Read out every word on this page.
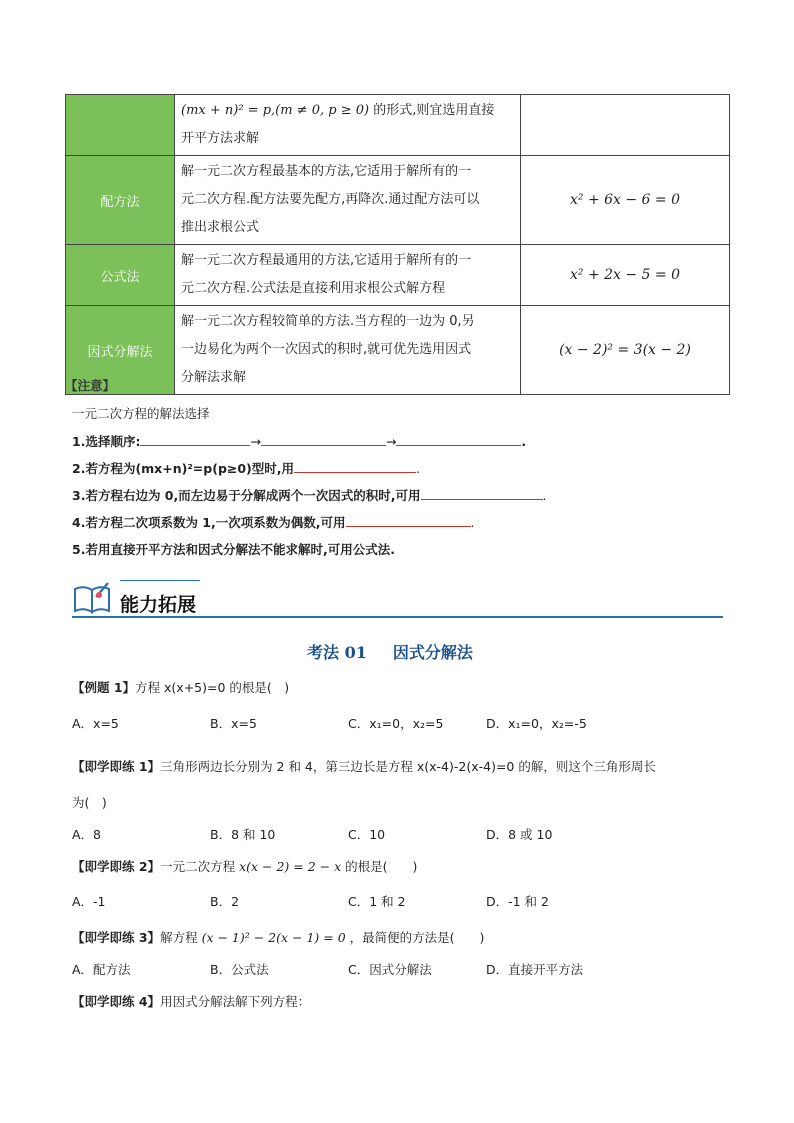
	(mx + n)² = p,(m ≠ 0, p ≥ 0) 的形式,则宜选用直接
开平方法求解	
配方法	解一元二次方程最基本的方法,它适用于解所有的一
元二次方程.配方法要先配方,再降次.通过配方法可以
推出求根公式	x² + 6x − 6 = 0
公式法	解一元二次方程最通用的方法,它适用于解所有的一
元二次方程.公式法是直接利用求根公式解方程	x² + 2x − 5 = 0
因式分解法	解一元二次方程较简单的方法.当方程的一边为 0,另
一边易化为两个一次因式的积时,就可优先选用因式
分解法求解	(x − 2)² = 3(x − 2)
【注意】
一元二次方程的解法选择
1.选择顺序:	→	→	.
2.若方程为(mx+n)²=p(p≥0)型时,用	.
3.若方程右边为 0,而左边易于分解成两个一次因式的积时,可用	.
4.若方程二次项系数为 1,一次项系数为偶数,可用	.
5.若用直接开平方法和因式分解法不能求解时,可用公式法.
能力拓展
考法 01 因式分解法
【例题 1】方程 x(x+5)=0 的根是(　)
A．x=5	B．x=5	C．x₁=0，x₂=5	D．x₁=0，x₂=-5
【即学即练 1】三角形两边长分别为 2 和 4，第三边长是方程 x(x-4)-2(x-4)=0 的解，则这个三角形周长
为(　)
A．8	B．8 和 10	C．10	D．8 或 10
【即学即练 2】一元二次方程 x(x − 2) = 2 − x 的根是(　　)
A．-1	B．2	C．1 和 2	D．-1 和 2
【即学即练 3】解方程 (x − 1)² − 2(x − 1) = 0 ，最简便的方法是(　　)
A．配方法	B．公式法	C．因式分解法	D．直接开平方法
【即学即练 4】用因式分解法解下列方程：
